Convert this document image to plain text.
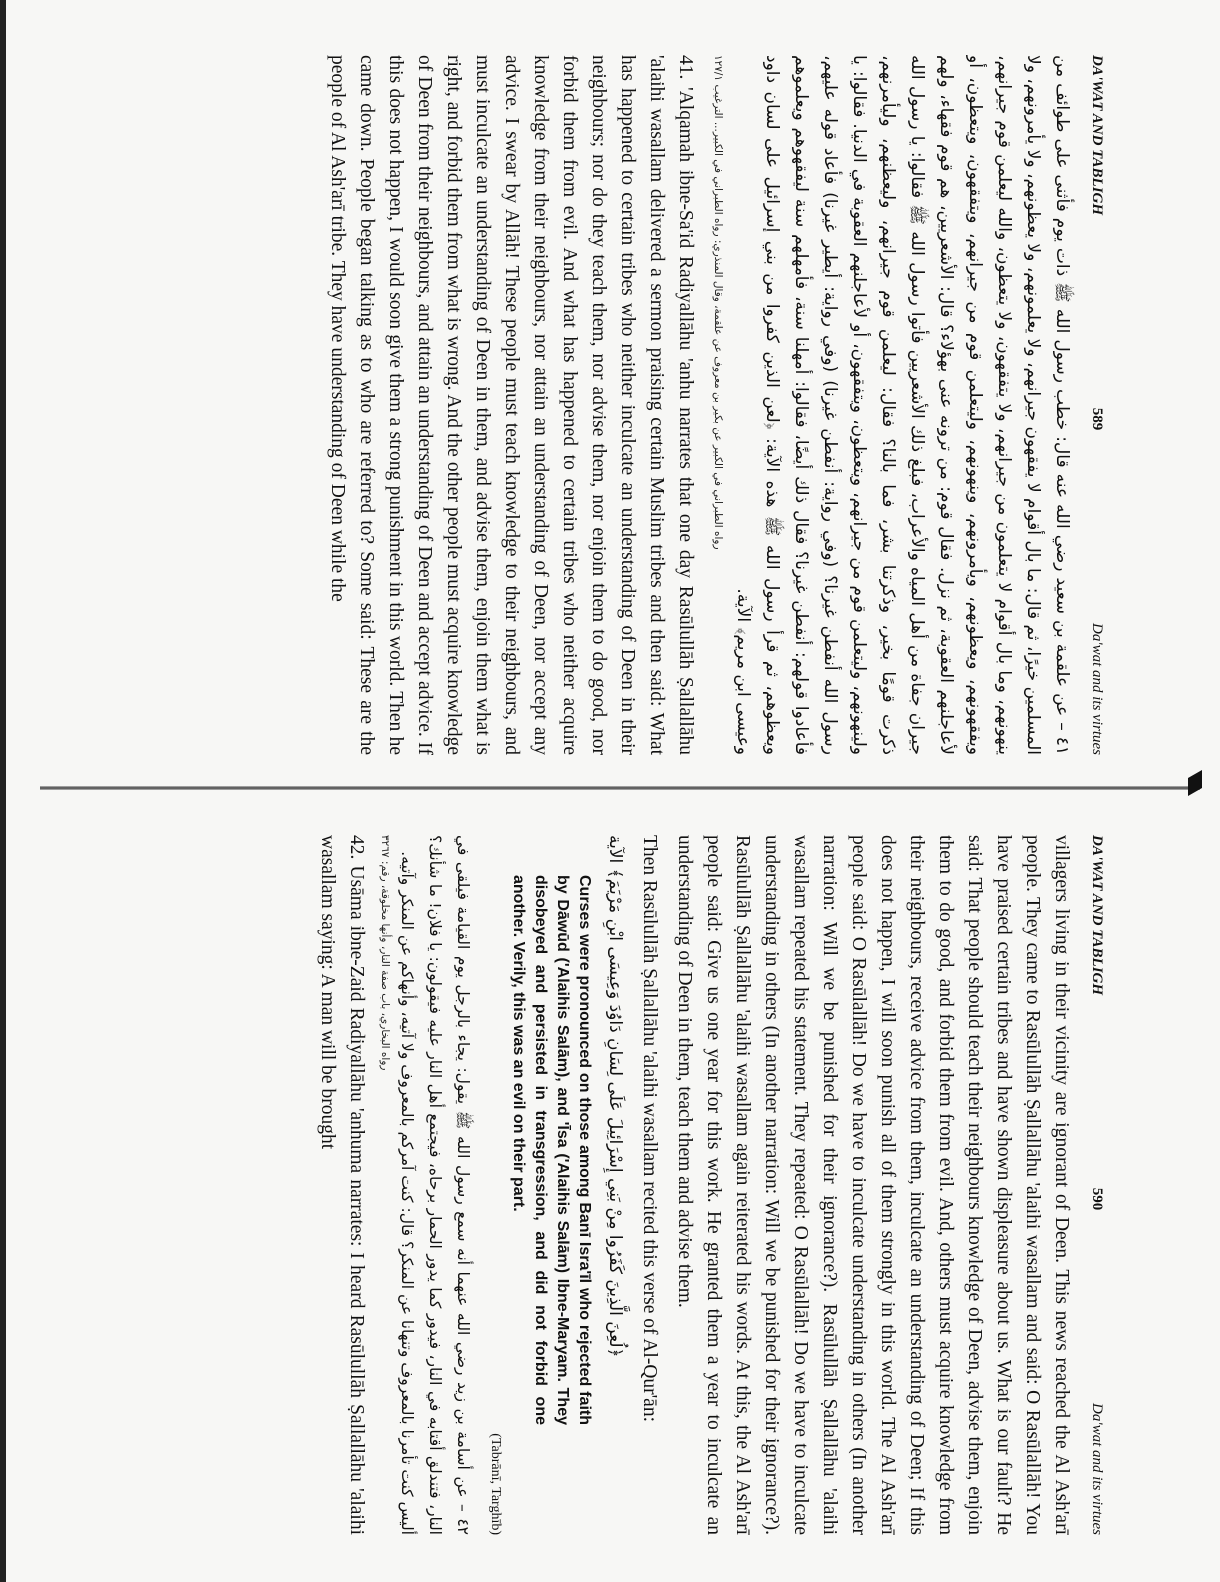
DA'WAT AND TABLIGH
589
Da'wat and its virtues

٤١ – عن علقمة بن سعيد رضي الله عنه قال: خطب رسول الله ﷺ ذات يوم فأثنى على طوائف من المسلمين خيرًا، ثم قال: ما بال أقوام لا يفقهون جيرانهم، ولا يعلمونهم، ولا يعظونهم، ولا يأمرونهم، ولا ينهونهم، وما بال أقوام لا يتعلمون من جيرانهم، ولا يتفقهون، ولا يتعظون، والله ليعلمن قوم جيرانهم، ويفقهونهم، ويعظونهم، ويأمرونهم، وينهونهم، وليتعلمن قوم من جيرانهم، ويتفقهون، ويتعظون، أو لأعاجلنهم العقوبة، ثم نزل. فقال قوم: من ترونه عنى بهؤلاء؟ قال: الأشعريين، هم قوم فقهاء، ولهم جيران جفاة من أهل المياه والأعراب، فبلغ ذلك الأشعريين فأتوا رسول الله ﷺ فقالوا: يا رسول الله ذكرت قومًا بخير، وذكرتنا بشر، فما بالنا؟ فقال: ليعلمن قوم جيرانهم، وليعظنهم، وليأمرنهم، ولينهونهم، وليتعلمن قوم من جيرانهم، ويتعظون، ويتفقهون، أو لأعاجلنهم العقوبة في الدنيا. فقالوا: يا رسول الله أنفطن غيرنا؟ (وفي رواية: أنفطن غيرنا) (وفي رواية: أيطير غيرنا) فأعاد قوله عليهم، فأعادوا قولهم: أنفطن غيرنا؟ فقال ذلك أيضًا، فقالوا: أمهلنا سنة، فأمهلهم سنة ليفقهوهم ويعلموهم ويعظوهم، ثم قرأ رسول الله ﷺ هذه الآية: ﴿لعن الذين كفروا من بني إسرائيل على لسان داود وعيسى ابن مريم﴾ الآية.

رواه الطبراني في الكبير عن بكير بن معروف عن علقمة، وقال المنذري: رواه الطبراني في الكبير... الترغيب ١٢٧/١

41. 'Alqamah ibne-Sa'id Radiyallāhu 'anhu narrates that one day Rasūlullāh Ṣallallāhu 'alaihi wasallam delivered a sermon praising certain Muslim tribes and then said: What has happened to certain tribes who neither inculcate an understanding of Deen in their neighbours; nor do they teach them, nor advise them, nor enjoin them to do good, nor forbid them from evil. And what has happened to certain tribes who neither acquire knowledge from their neighbours, nor attain an understanding of Deen, nor accept any advice. I swear by Allāh! These people must teach knowledge to their neighbours, and must inculcate an understanding of Deen in them, and advise them, enjoin them what is right, and forbid them from what is wrong. And the other people must acquire knowledge of Deen from their neighbours, and attain an understanding of Deen and accept advice. If this does not happen, I would soon give them a strong punishment in this world. Then he came down. People began talking as to who are referred to? Some said: These are the people of Al Ash'arī tribe. They have understanding of Deen while the

DA'WAT AND TABLIGH
590
Da'wat and its virtues

villagers living in their vicinity are ignorant of Deen. This news reached the Al Ash'arī people. They came to Rasūlullāh Ṣallallāhu 'alaihi wasallam and said: O Rasūlallāh! You have praised certain tribes and have shown displeasure about us. What is our fault? He said: That people should teach their neighbours knowledge of Deen, advise them, enjoin them to do good, and forbid them from evil. And, others must acquire knowledge from their neighbours, receive advice from them, inculcate an understanding of Deen; If this does not happen, I will soon punish all of them strongly in this world. The Al Ash'arī people said: O Rasūlallāh! Do we have to inculcate understanding in others (In another narration: Will we be punished for their ignorance?). Rasūlullāh Ṣallallāhu 'alaihi wasallam repeated his statement. They repeated: O Rasūlallāh! Do we have to inculcate understanding in others (In another narration: Will we be punished for their ignorance?). Rasūlullāh Ṣallallāhu 'alaihi wasallam again reiterated his words. At this, the Al Ash'arī people said: Give us one year for this work. He granted them a year to inculcate an understanding of Deen in them, teach them and advise them.

Then Rasūlullāh Ṣallallāhu 'alaihi wasallam recited this verse of Al-Qur'ān:

﴿لُعِنَ الَّذِينَ كَفَرُوا مِنْ بَنِي إِسْرَائِيلَ عَلَى لِسَانِ دَاوُدَ وَعِيسَى ابْنِ مَرْيَمَ﴾ الآية

Curses were pronounced on those among Banī Isra'īl who rejected faith by Dāwūd ('Alaihis Salām), and 'Īsa ('Alaihis Salām) Ibne-Maryam. They disobeyed and persisted in transgression, and did not forbid one another. Verily, this was an evil on their part.

(Tabrānī, Targhīb)

٤٢ – عن أسامة بن زيد رضي الله عنهما أنه سمع رسول الله ﷺ يقول: يجاء بالرجل يوم القيامة فيلقى في النار، فتندلق أقتابه في النار، فيدور كما يدور الحمار برحاه، فيجتمع أهل النار عليه فيقولون: يا فلان! ما شأنك؟ أليس كنت تأمرنا بالمعروف وتنهانا عن المنكر؟ قال: كنت آمركم بالمعروف ولا آتيه، وأنهاكم عن المنكر وآتيه.

رواه البخاري، باب صفة النار، وأنها مخلوقة، رقم: ٣٢٦٧

42. Usāma ibne-Zaid Radiyallāhu 'anhuma narrates: I heard Rasūlullāh Ṣallallāhu 'alaihi wasallam saying: A man will be brought
